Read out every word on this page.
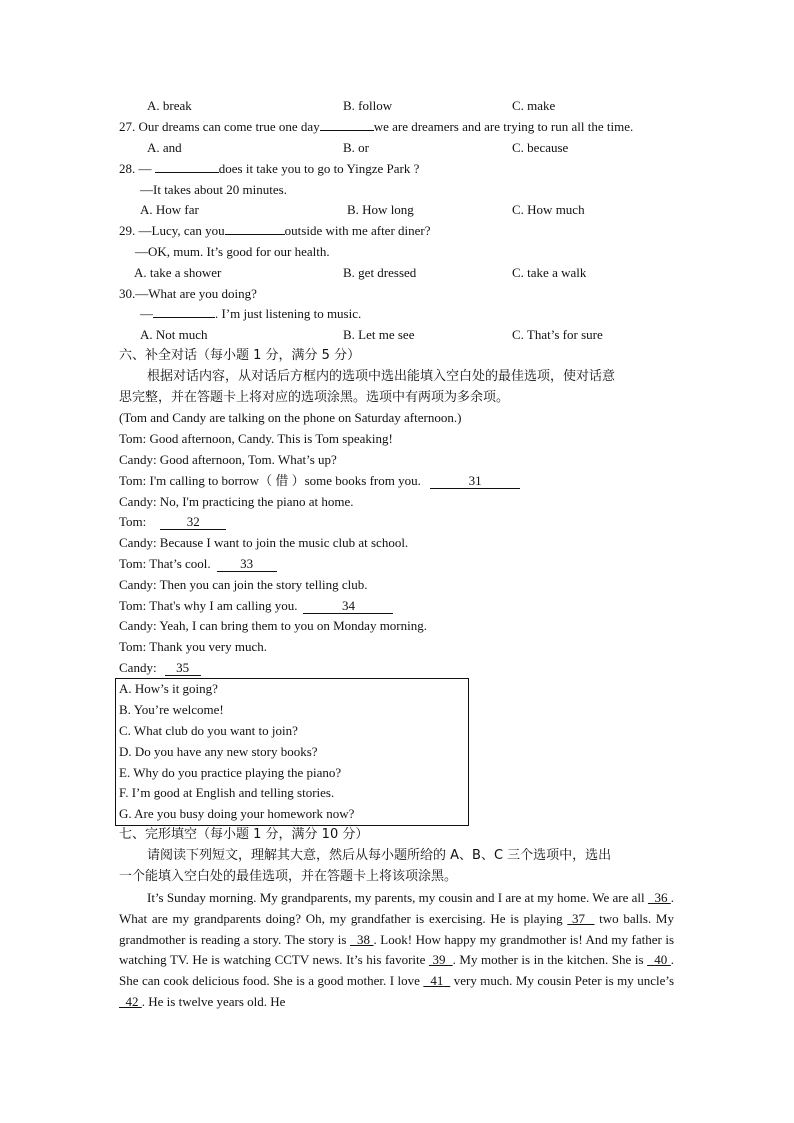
A. break	B. follow	C. make
27. Our dreams can come true one day	we are dreamers and are trying to run all the time.
A. and	B. or	C. because
28. —	does it take you to go to Yingze Park ?
—It takes about 20 minutes.
A. How far	B. How long	C. How much
29. —Lucy, can you	outside with me after diner?
—OK, mum. It’s good for our health.
A. take a shower	B. get dressed	C. take a walk
30.—What are you doing?
—	. I’m just listening to music.
A. Not much	B. Let me see	C. That’s for sure
六、补全对话（每小题 1 分，满分 5 分）
根据对话内容，从对话后方框内的选项中选出能填入空白处的最佳选项，使对话意
思完整，并在答题卡上将对应的选项涂黑。选项中有两项为多余项。
(Tom and Candy are talking on the phone on Saturday afternoon.)
Tom: Good afternoon, Candy. This is Tom speaking!
Candy: Good afternoon, Tom. What’s up?
Tom: I'm calling to borrow（ 借 ）some books from you.	31
Candy: No, I'm practicing the piano at home.
Tom:	32
Candy: Because I want to join the music club at school.
Tom: That’s cool. 33
Candy: Then you can join the story telling club.
Tom: That's why I am calling you.	34
Candy: Yeah, I can bring them to you on Monday morning.
Tom: Thank you very much.
Candy: 35
A. How’s it going?
B. You’re welcome!
C. What club do you want to join?
D. Do you have any new story books?
E. Why do you practice playing the piano?
F. I’m good at English and telling stories.
G. Are you busy doing your homework now?
七、完形填空（每小题 1 分，满分 10 分）
请阅读下列短文，理解其大意，然后从每小题所给的 A、B、C 三个选项中，选出
一个能填入空白处的最佳选项，并在答题卡上将该项涂黑。
It’s Sunday morning. My grandparents, my parents, my cousin and I are at my home. We are all   36 . What are my grandparents doing? Oh, my grandfather is exercising. He is playing  37   two balls. My grandmother is reading a story. The story is   38 . Look! How happy my grandmother is! And my father is watching TV. He is watching CCTV news. It’s his favorite  39 . My mother is in the kitchen. She is   40 . She can cook delicious food. She is a good mother. I love   41   very much. My cousin Peter is my uncle’s   42 . He is twelve years old. He
